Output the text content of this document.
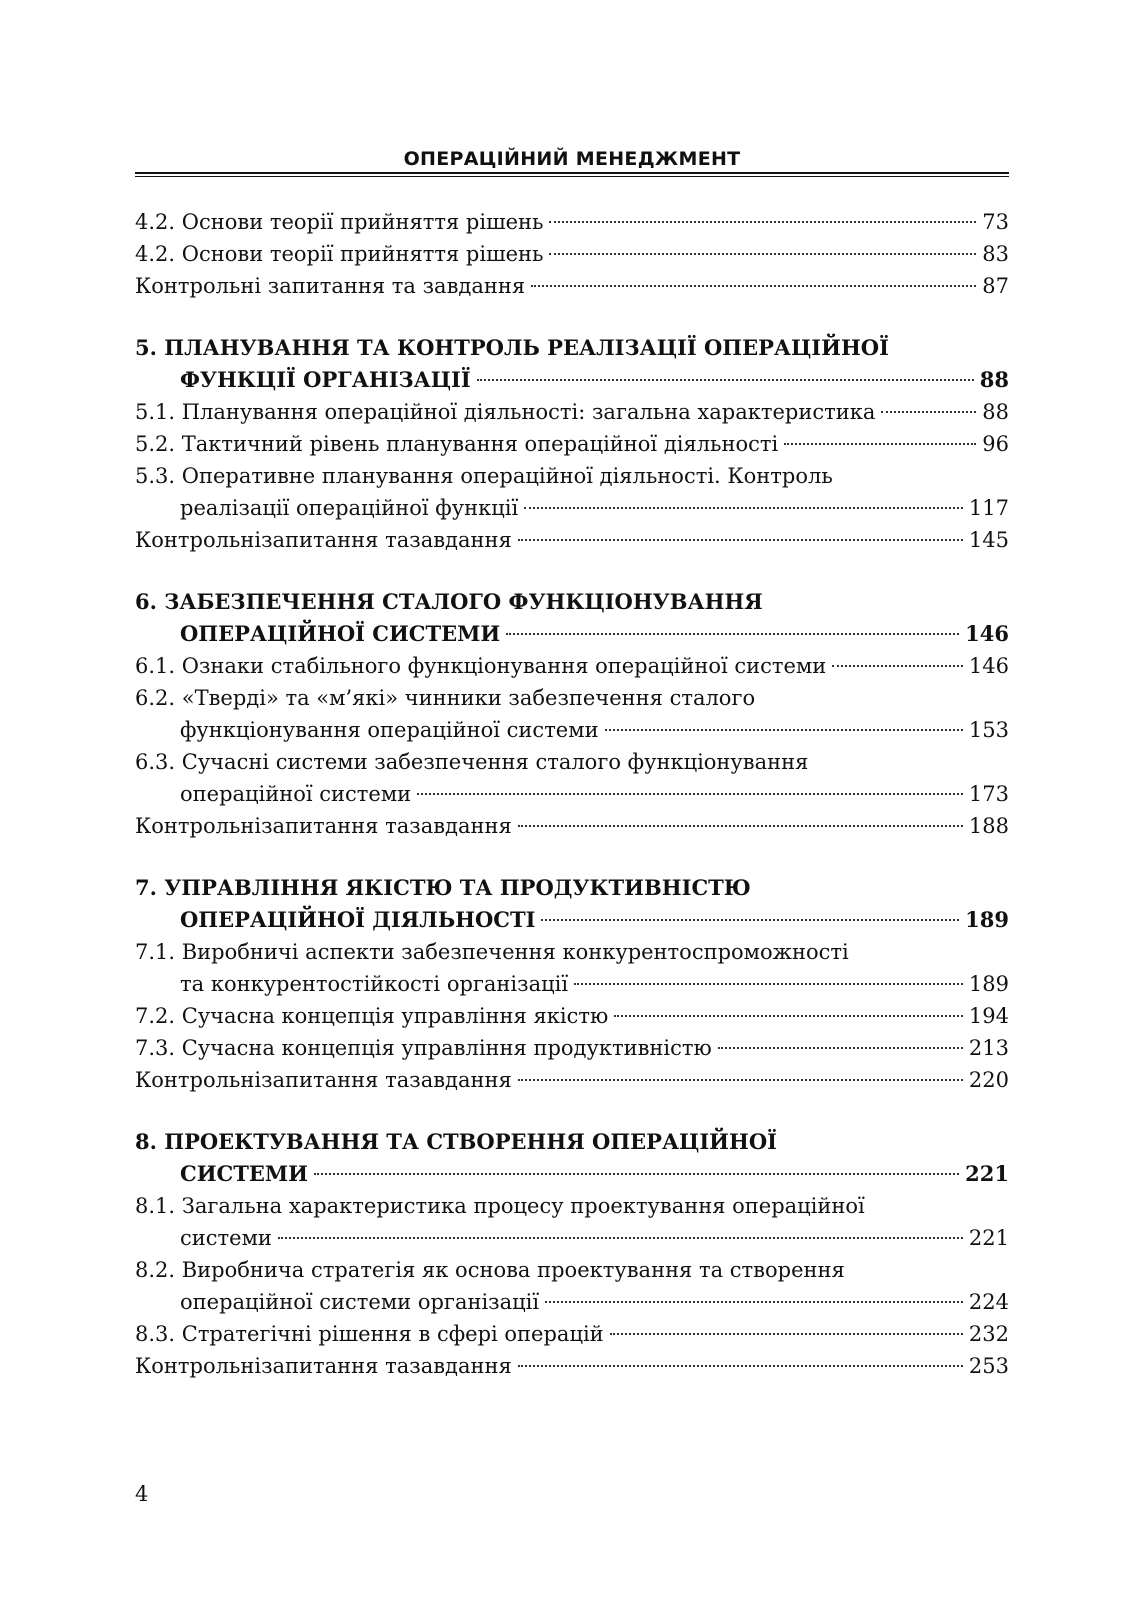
ОПЕРАЦІЙНИЙ МЕНЕДЖМЕНТ
4.2. Основи теорії прийняття рішень	73
4.2. Основи теорії прийняття рішень	83
Контрольні запитання та завдання	87
5. ПЛАНУВАННЯ ТА КОНТРОЛЬ РЕАЛІЗАЦІЇ ОПЕРАЦІЙНОЇ
ФУНКЦІЇ ОРГАНІЗАЦІЇ	88
5.1. Планування операційної діяльності: загальна характеристика	88
5.2. Тактичний рівень планування операційної діяльності	96
5.3. Оперативне планування операційної діяльності. Контроль
реалізації операційної функції	117
Контрольнізапитання тазавдання	145
6. ЗАБЕЗПЕЧЕННЯ СТАЛОГО ФУНКЦІОНУВАННЯ
ОПЕРАЦІЙНОЇ СИСТЕМИ	146
6.1. Ознаки стабільного функціонування операційної системи	146
6.2. «Тверді» та «м’які» чинники забезпечення сталого
функціонування операційної системи	153
6.3. Сучасні системи забезпечення сталого функціонування
операційної системи	173
Контрольнізапитання тазавдання	188
7. УПРАВЛІННЯ ЯКІСТЮ ТА ПРОДУКТИВНІСТЮ
ОПЕРАЦІЙНОЇ ДІЯЛЬНОСТІ	189
7.1. Виробничі аспекти забезпечення конкурентоспроможності
та конкурентостійкості організації	189
7.2. Сучасна концепція управління якістю	194
7.3. Сучасна концепція управління продуктивністю	213
Контрольнізапитання тазавдання	220
8. ПРОЕКТУВАННЯ ТА СТВОРЕННЯ ОПЕРАЦІЙНОЇ
СИСТЕМИ	221
8.1. Загальна характеристика процесу проектування операційної
системи	221
8.2. Виробнича стратегія як основа проектування та створення
операційної системи організації	224
8.3. Стратегічні рішення в сфері операцій	232
Контрольнізапитання тазавдання	253
4
